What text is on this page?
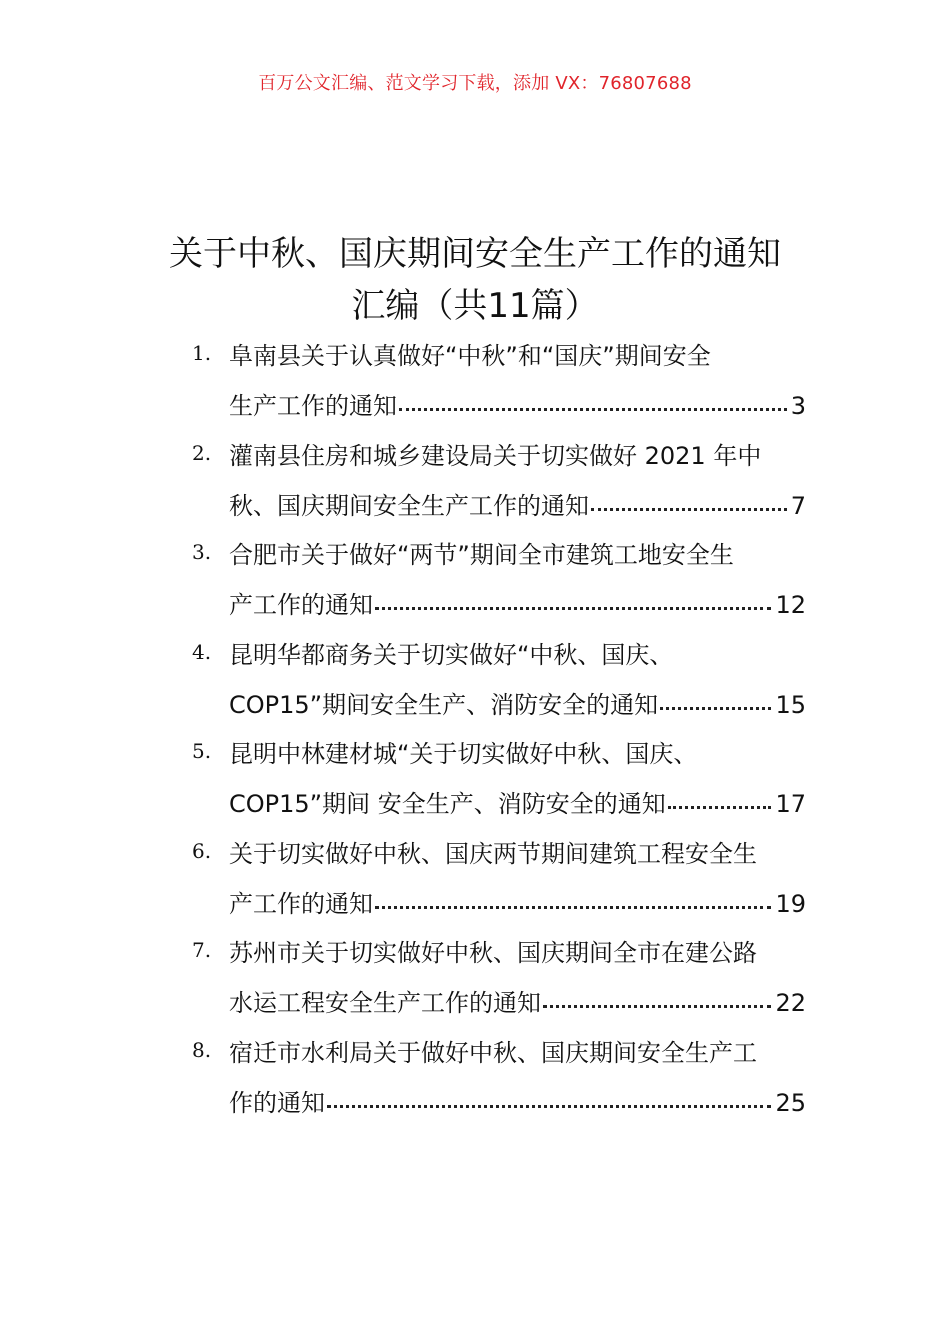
百万公文汇编、范文学习下载，添加 VX：76807688
关于中秋、国庆期间安全生产工作的通知
汇编（共11篇）
1. 阜南县关于认真做好“中秋”和“国庆”期间安全
生产工作的通知	3
2. 灌南县住房和城乡建设局关于切实做好 2021 年中
秋、国庆期间安全生产工作的通知	7
3. 合肥市关于做好“两节”期间全市建筑工地安全生
产工作的通知	12
4. 昆明华都商务关于切实做好“中秋、国庆、
COP15”期间安全生产、消防安全的通知	15
5. 昆明中林建材城“关于切实做好中秋、国庆、
COP15”期间 安全生产、消防安全的通知	17
6. 关于切实做好中秋、国庆两节期间建筑工程安全生
产工作的通知	19
7. 苏州市关于切实做好中秋、国庆期间全市在建公路
水运工程安全生产工作的通知	22
8. 宿迁市水利局关于做好中秋、国庆期间安全生产工
作的通知	25
